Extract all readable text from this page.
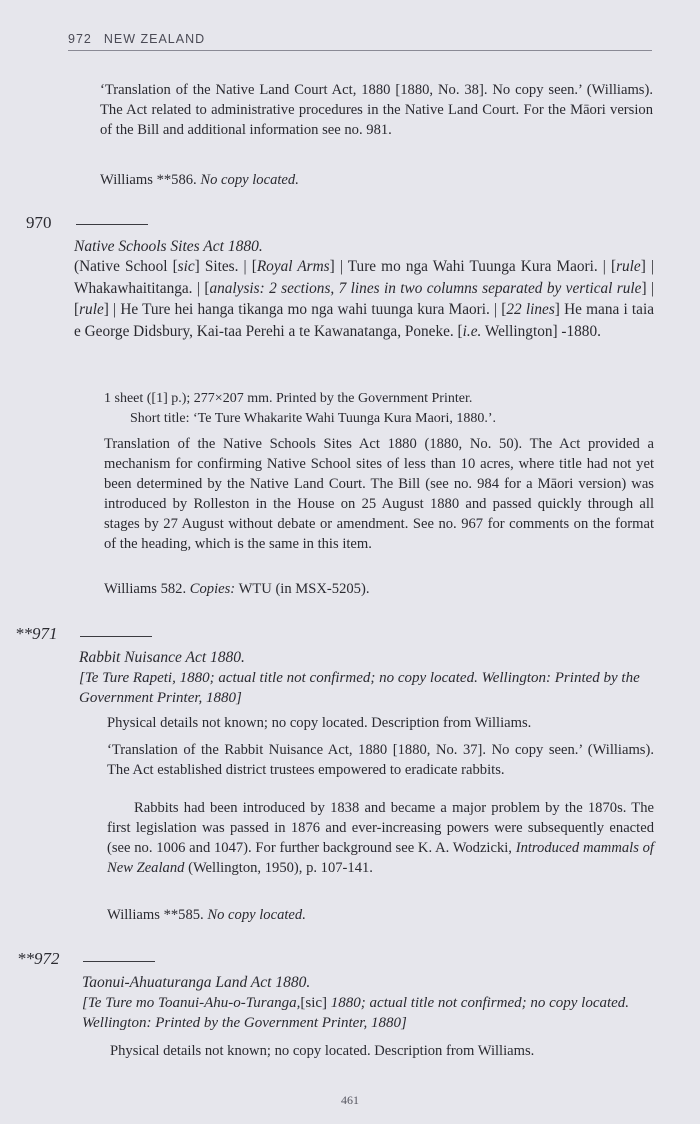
972 NEW ZEALAND

‘Translation of the Native Land Court Act, 1880 [1880, No. 38]. No copy seen.’ (Williams). The Act related to administrative procedures in the Native Land Court. For the Māori version of the Bill and additional information see no. 981.

Williams **586. No copy located.

970

Native Schools Sites Act 1880.

(Native School [sic] Sites. | [Royal Arms] | Ture mo nga Wahi Tuunga Kura Maori. | [rule] | Whakawhaititanga. | [analysis: 2 sections, 7 lines in two columns separated by vertical rule] | [rule] | He Ture hei hanga tikanga mo nga wahi tuunga kura Maori. | [22 lines] He mana i taia e George Didsbury, Kai-taa Perehi a te Kawanatanga, Poneke. [i.e. Wellington] -1880.

1 sheet ([1] p.); 277×207 mm. Printed by the Government Printer.

Short title: ‘Te Ture Whakarite Wahi Tuunga Kura Maori, 1880.’.

Translation of the Native Schools Sites Act 1880 (1880, No. 50). The Act provided a mechanism for confirming Native School sites of less than 10 acres, where title had not yet been determined by the Native Land Court. The Bill (see no. 984 for a Māori version) was introduced by Rolleston in the House on 25 August 1880 and passed quickly through all stages by 27 August without debate or amendment. See no. 967 for comments on the format of the heading, which is the same in this item.

Williams 582. Copies: WTU (in MSX-5205).

**971

Rabbit Nuisance Act 1880.

[Te Ture Rapeti, 1880; actual title not confirmed; no copy located. Wellington: Printed by the Government Printer, 1880]

Physical details not known; no copy located. Description from Williams.

‘Translation of the Rabbit Nuisance Act, 1880 [1880, No. 37]. No copy seen.’ (Williams). The Act established district trustees empowered to eradicate rabbits.

Rabbits had been introduced by 1838 and became a major problem by the 1870s. The first legislation was passed in 1876 and ever-increasing powers were subsequently enacted (see no. 1006 and 1047). For further background see K. A. Wodzicki, Introduced mammals of New Zealand (Wellington, 1950), p. 107-141.

Williams **585. No copy located.

**972

Taonui-Ahuaturanga Land Act 1880.

[Te Ture mo Toanui-Ahu-o-Turanga,[sic] 1880; actual title not confirmed; no copy located. Wellington: Printed by the Government Printer, 1880]

Physical details not known; no copy located. Description from Williams.

461
